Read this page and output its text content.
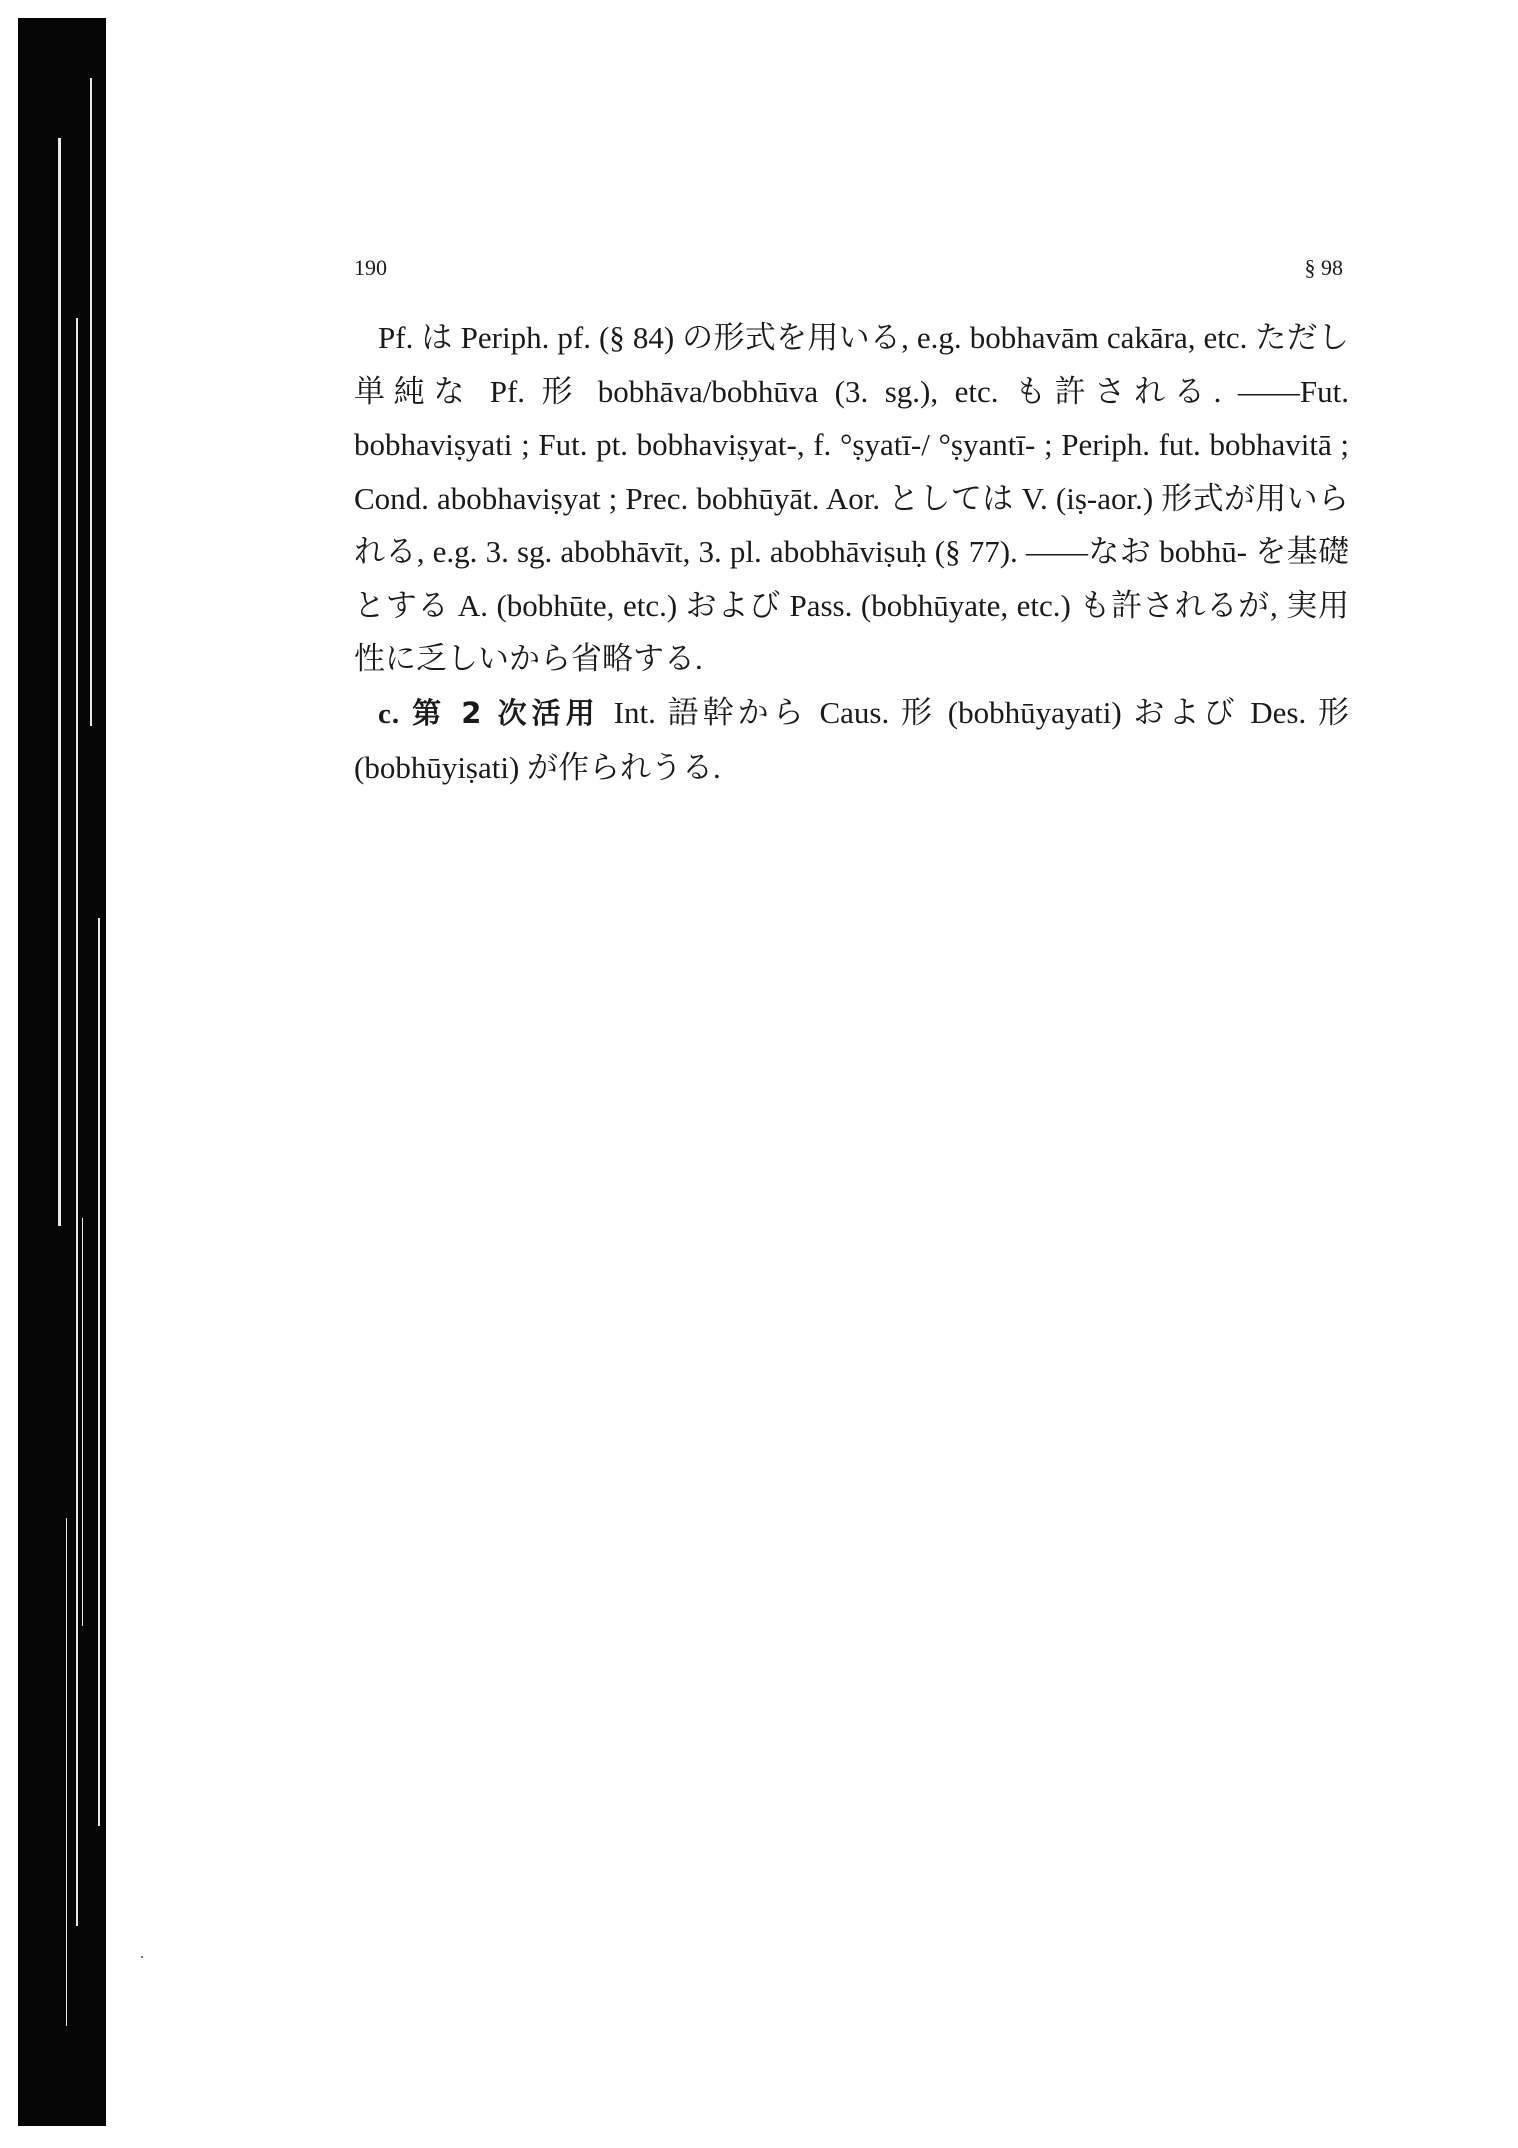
190	§ 98

Pf. は Periph. pf. (§ 84) の形式を用いる, e.g. bobhavām cakāra, etc. ただし単純な Pf. 形 bobhāva/bobhūva (3. sg.), etc. も許される. ——Fut. bobhaviṣyati ; Fut. pt. bobhaviṣyat-, f. °ṣyatī-/ °ṣyantī- ; Periph. fut. bobhavitā ; Cond. abobhaviṣyat ; Prec. bobhūyāt. Aor. としては V. (iṣ-aor.) 形式が用いられる, e.g. 3. sg. abobhāvīt, 3. pl. abobhāviṣuḥ (§ 77). ——なお bobhū- を基礎とする A. (bobhūte, etc.) および Pass. (bobhūyate, etc.) も許されるが, 実用性に乏しいから省略する.

c. 第 2 次活用 Int. 語幹から Caus. 形 (bobhūyayati) および Des. 形 (bobhūyiṣati) が作られうる.
